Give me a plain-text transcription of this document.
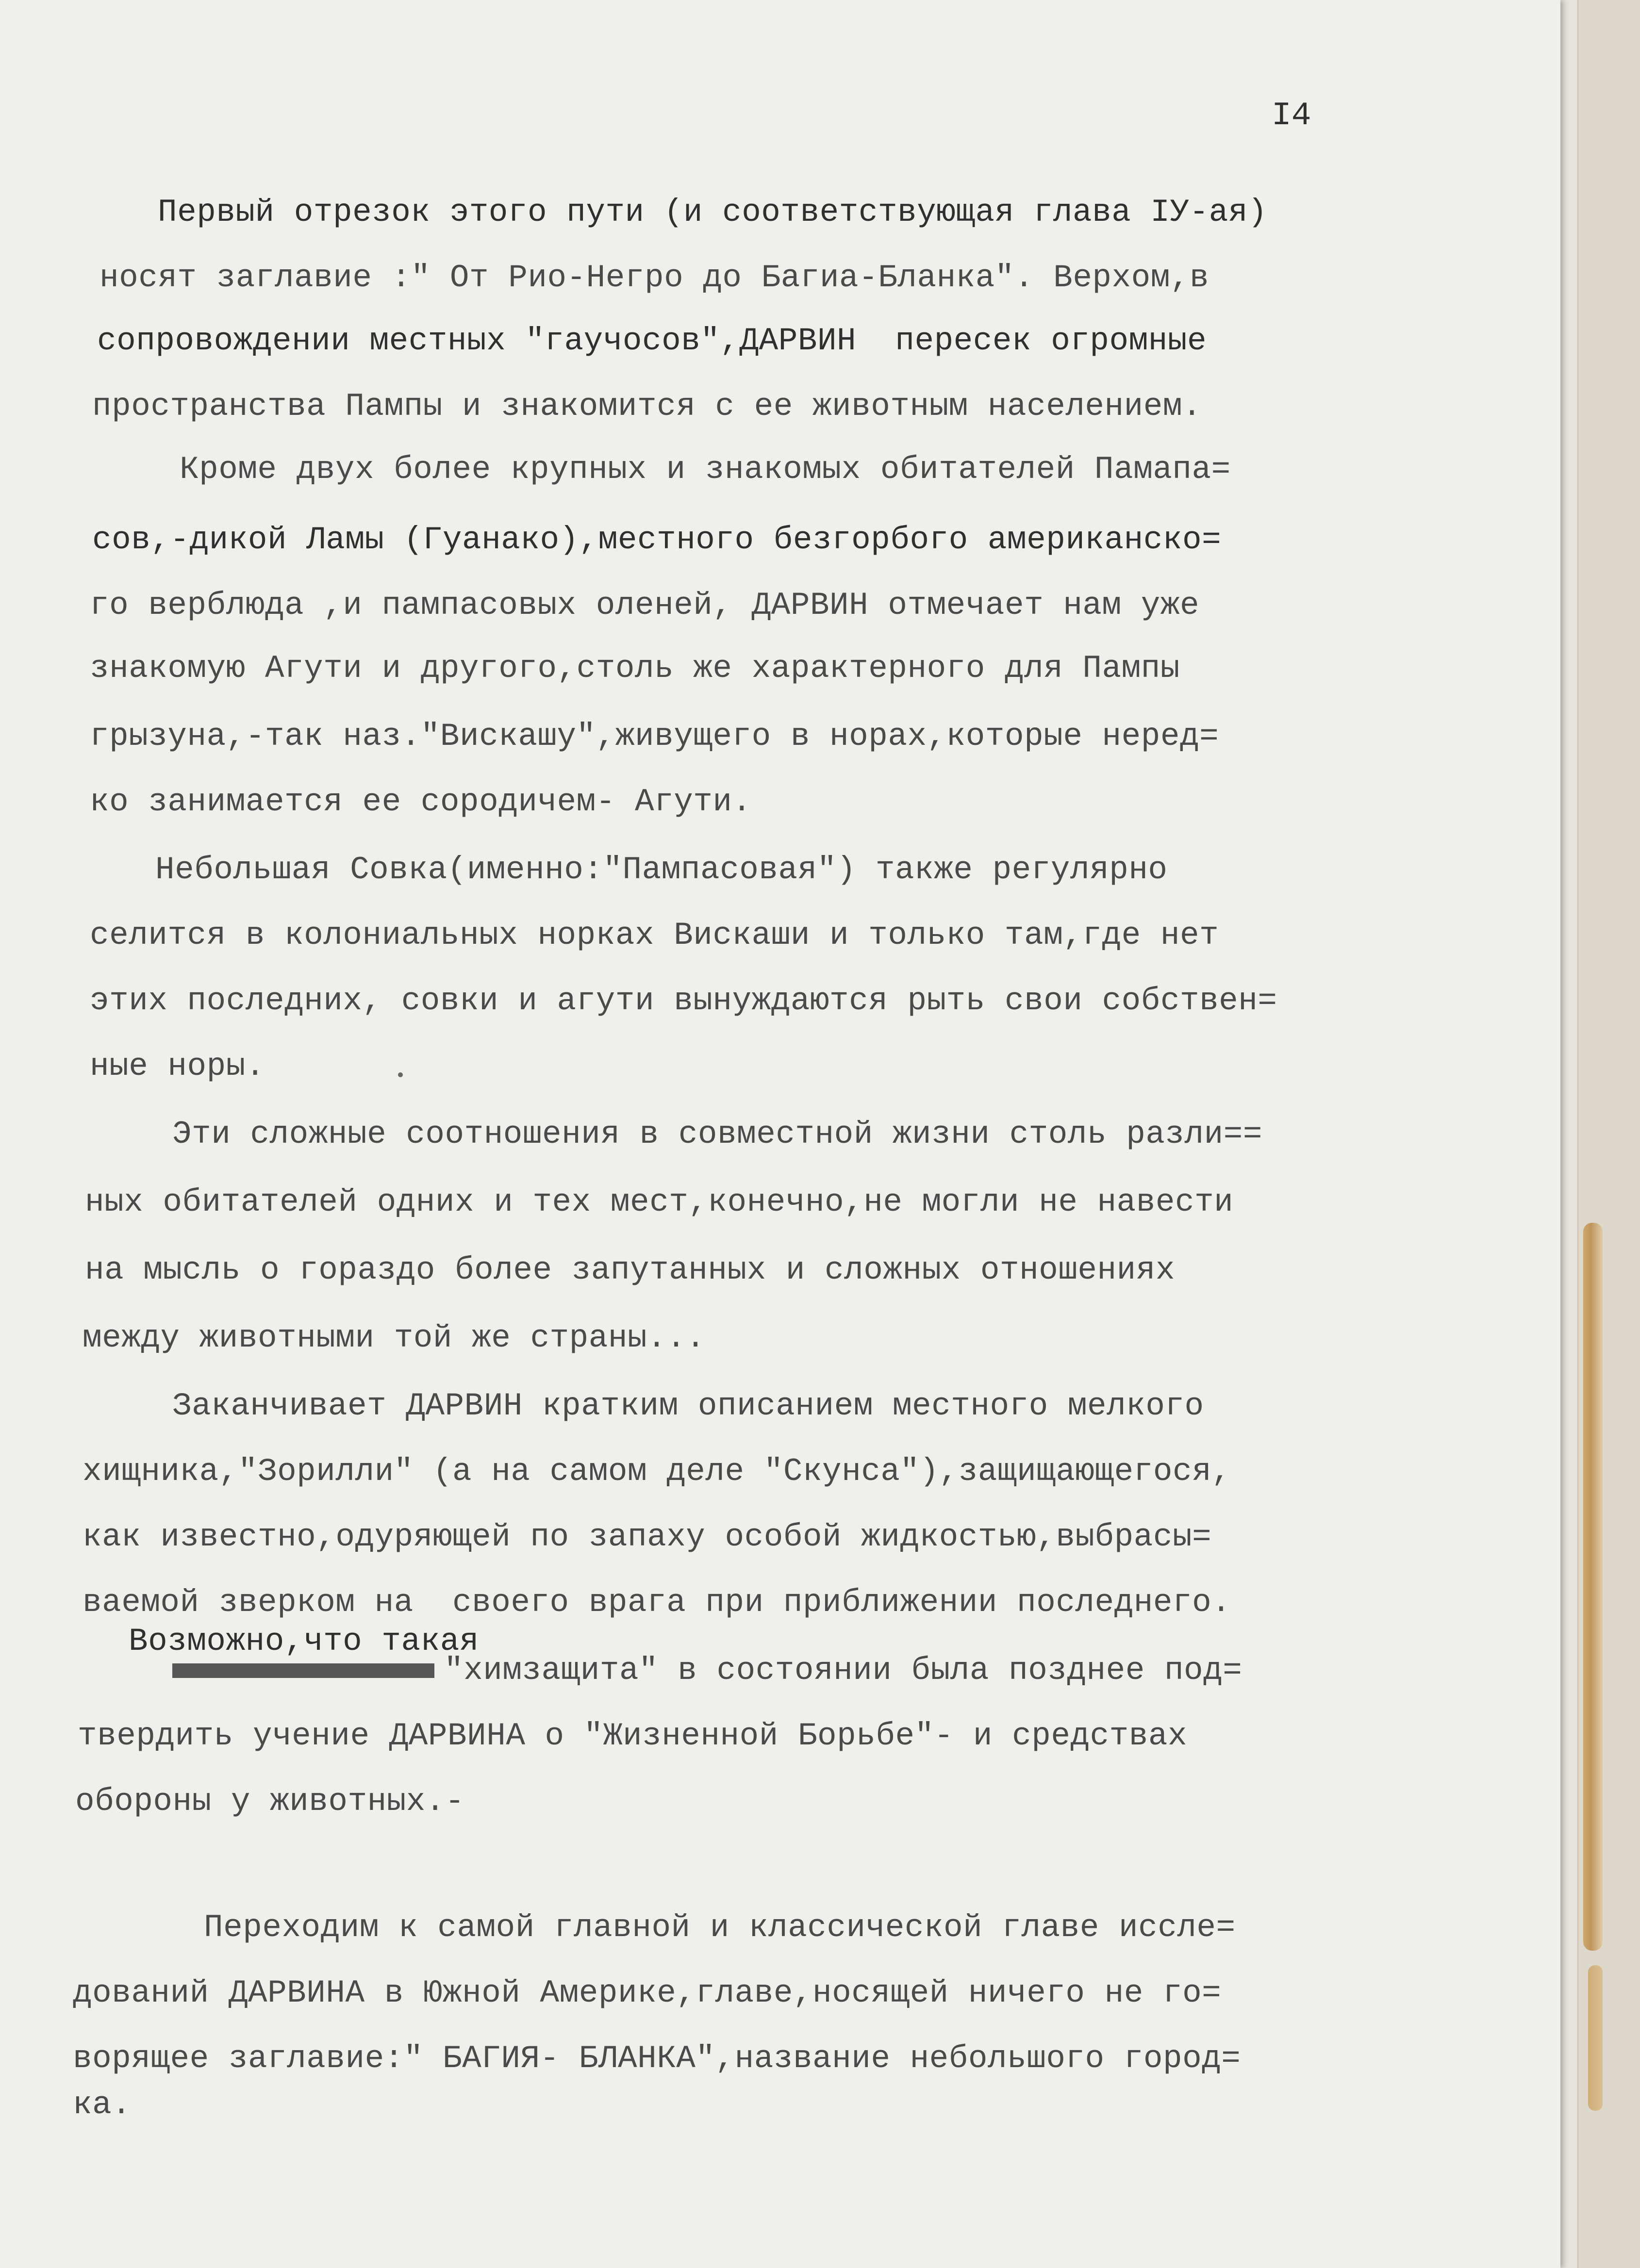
I4
Первый отрезок этого пути (и соответствующая глава IУ-ая)
носят заглавие :" От Рио-Негро до Багиа-Бланка". Верхом,в
сопровождении местных "гаучосов",ДАРВИН  пересек огромные
пространства Пампы и знакомится с ее животным населением.
Кроме двух более крупных и знакомых обитателей Памапа=
сов,-дикой Ламы (Гуанако),местного безгорбого американско=
го верблюда ,и пампасовых оленей, ДАРВИН отмечает нам уже
знакомую Агути и другого,столь же характерного для Пампы
грызуна,-так наз."Вискашу",живущего в норах,которые неред=
ко занимается ее сородичем- Агути.
Небольшая Совка(именно:"Пампасовая") также регулярно
селится в колониальных норках Вискаши и только там,где нет
этих последних, совки и агути вынуждаются рыть свои собствен=
ные норы.
Эти сложные соотношения в совместной жизни столь разли==
ных обитателей одних и тех мест,конечно,не могли не навести
на мысль о гораздо более запутанных и сложных отношениях
между животными той же страны...
Заканчивает ДАРВИН кратким описанием местного мелкого
хищника,"Зорилли" (а на самом деле "Скунса"),защищающегося,
как известно,одуряющей по запаху особой жидкостью,выбрасы=
ваемой зверком на  своего врага при приближении последнего.
Возможно,что такая
"химзащита" в состоянии была позднее под=
твердить учение ДАРВИНА о "Жизненной Борьбе"- и средствах
обороны у животных.-
Переходим к самой главной и классической главе иссле=
дований ДАРВИНА в Южной Америке,главе,носящей ничего не го=
ворящее заглавие:" БАГИЯ- БЛАНКА",название небольшого город=
ка.
